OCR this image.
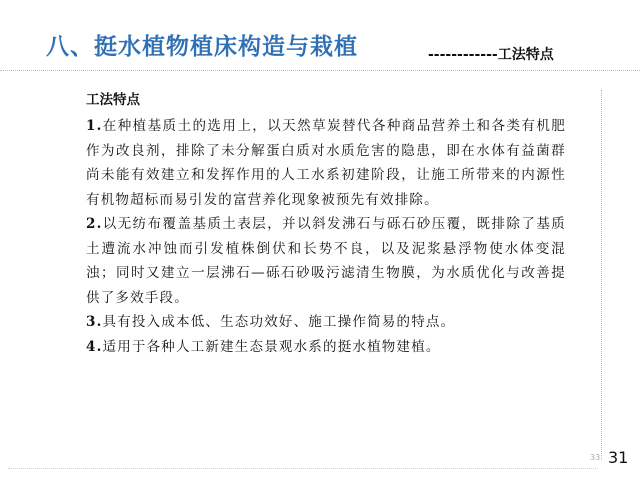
八、挺水植物植床构造与栽植	------------工法特点
工法特点

1.在种植基质土的选用上，以天然草炭替代各种商品营养土和各类有机肥作为改良剂，排除了未分解蛋白质对水质危害的隐患，即在水体有益菌群尚未能有效建立和发挥作用的人工水系初建阶段，让施工所带来的内源性有机物超标而易引发的富营养化现象被预先有效排除。

2.以无纺布覆盖基质土表层，并以斜发沸石与砾石砂压覆，既排除了基质土遭流水冲蚀而引发植株倒伏和长势不良，以及泥浆悬浮物使水体变混浊；同时又建立一层沸石—砾石砂吸污滤清生物膜，为水质优化与改善提供了多效手段。

3.具有投入成本低、生态功效好、施工操作简易的特点。

4.适用于各种人工新建生态景观水系的挺水植物建植。

33 31
